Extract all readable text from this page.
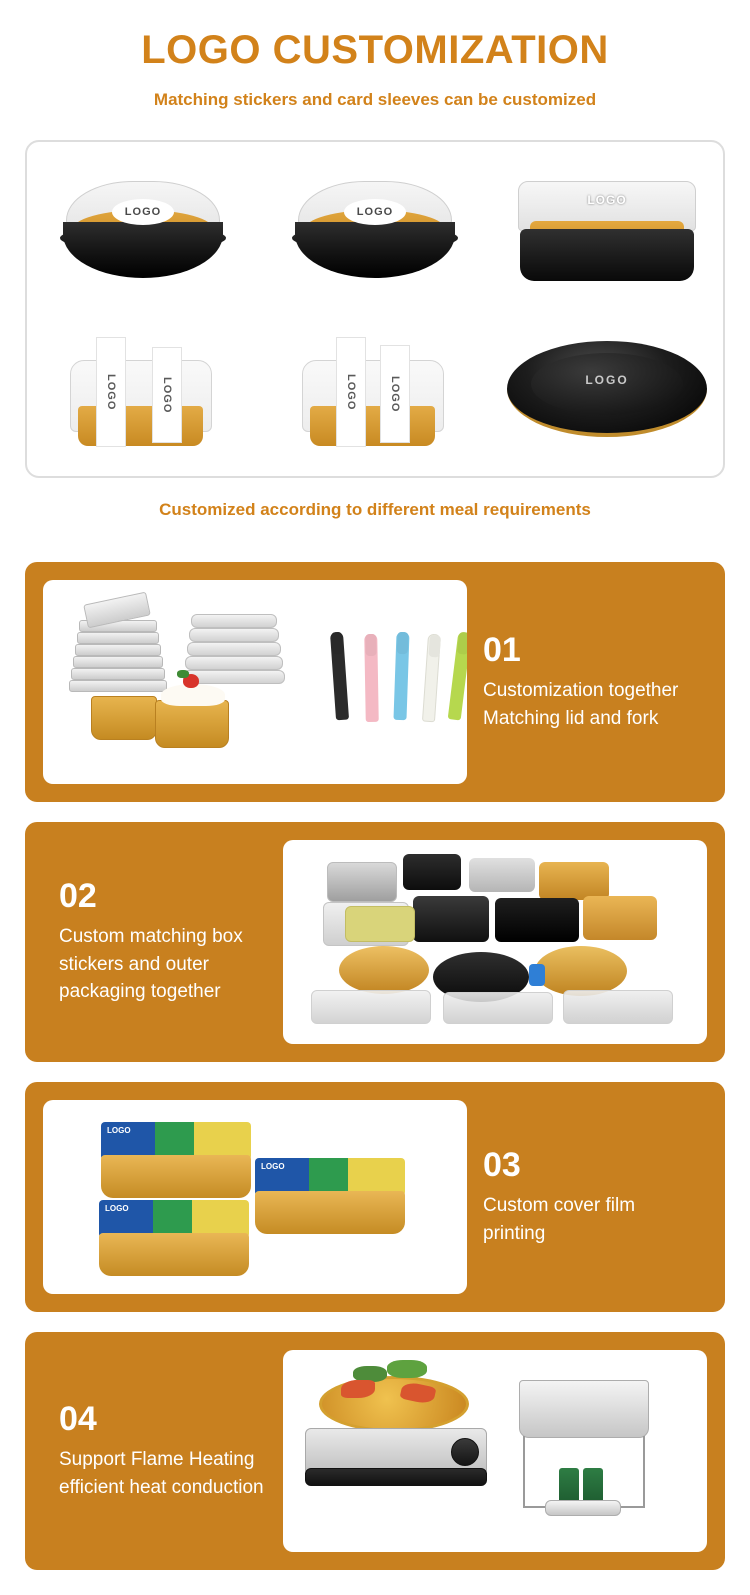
LOGO CUSTOMIZATION
Matching stickers and card sleeves can be customized
LOGO	LOGO
LOGO
LOGO	LOGO	LOGO	LOGO	LOGO
Customized according to different meal requirements
01
Customization together Matching lid and fork
02
Custom matching box stickers and outer packaging together
LOGO
LOGO
LOGO
03
Custom cover film printing
04
Support Flame Heating efficient heat conduction
